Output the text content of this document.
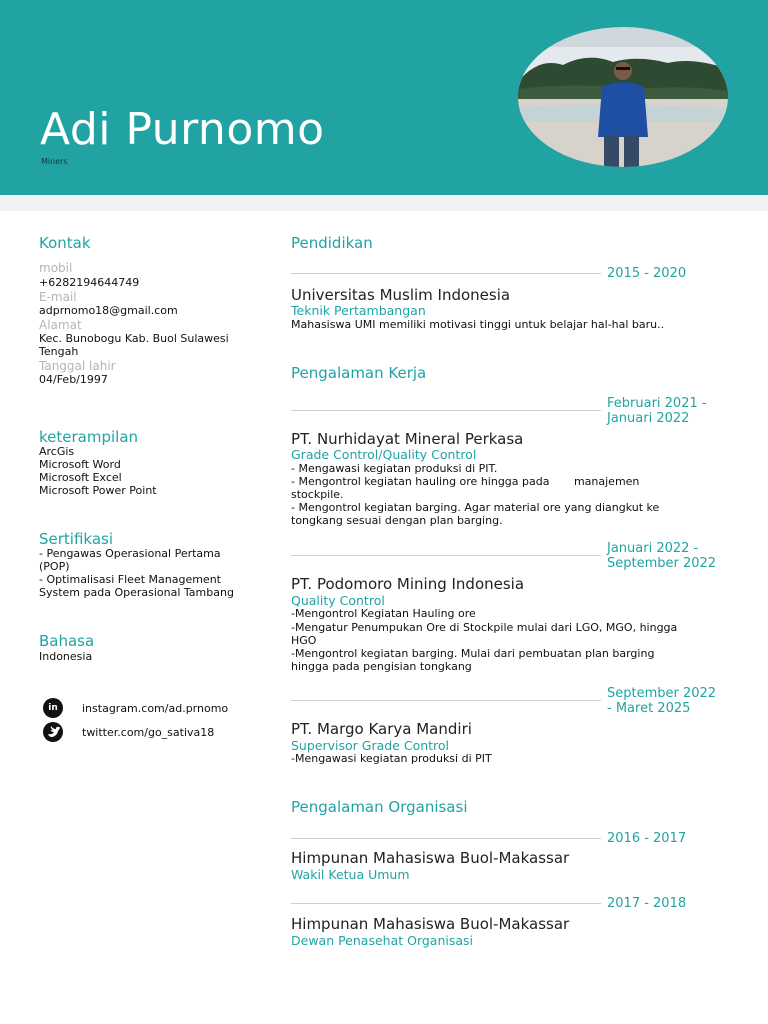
Adi Purnomo
Miners
Kontak
mobil
+6282194644749
E-mail
adprnomo18@gmail.com
Alamat
Kec. Bunobogu Kab. Buol Sulawesi
Tengah
Tanggal lahir
04/Feb/1997
keterampilan
ArcGis
Microsoft Word
Microsoft Excel
Microsoft Power Point
Sertifikasi
- Pengawas Operasional Pertama
(POP)
- Optimalisasi Fleet Management
System pada Operasional Tambang
Bahasa
Indonesia
in	instagram.com/ad.prnomo
twitter.com/go_sativa18
Pendidikan
2015 - 2020
Universitas Muslim Indonesia
Teknik Pertambangan
Mahasiswa UMI memiliki motivasi tinggi untuk belajar hal-hal baru..
Pengalaman Kerja
Februari 2021 -
Januari 2022
PT. Nurhidayat Mineral Perkasa
Grade Control/Quality Control
- Mengawasi kegiatan produksi di PIT.
- Mengontrol kegiatan hauling ore hingga pada       manajemen
stockpile.
- Mengontrol kegiatan barging. Agar material ore yang diangkut ke
tongkang sesuai dengan plan barging.
Januari 2022 -
September 2022
PT. Podomoro Mining Indonesia
Quality Control
-Mengontrol Kegiatan Hauling ore
-Mengatur Penumpukan Ore di Stockpile mulai dari LGO, MGO, hingga
HGO
-Mengontrol kegiatan barging. Mulai dari pembuatan plan barging
hingga pada pengisian tongkang
September 2022
- Maret 2025
PT. Margo Karya Mandiri
Supervisor Grade Control
-Mengawasi kegiatan produksi di PIT
Pengalaman Organisasi
2016 - 2017
Himpunan Mahasiswa Buol-Makassar
Wakil Ketua Umum
2017 - 2018
Himpunan Mahasiswa Buol-Makassar
Dewan Penasehat Organisasi
